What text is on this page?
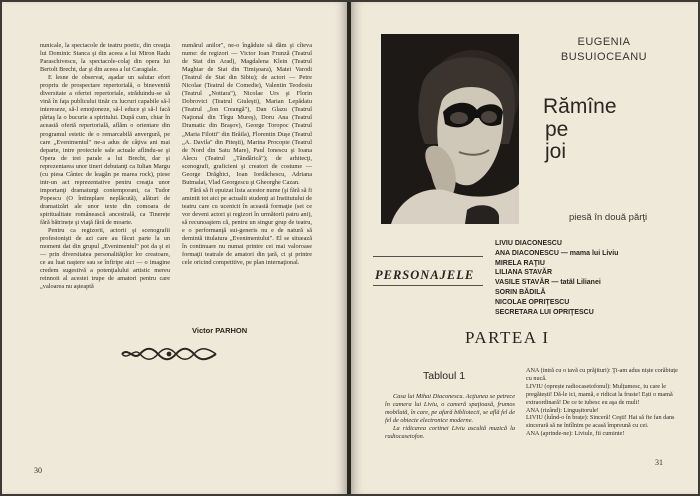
nunicale, la spectacole de teatru poetic, din creaţia lui Dominic Stanca şi din aceea a lui Miron Radu Paraschivescu, la spectacole-colaj din opera lui Bertolt Brecht, dar şi din aceea a lui Caragiale.

E lesne de observat, aşadar un salutar efort propriu de prospectare repertorială, o binevenită diversitate a ofertei repertoriale, străduindu-se să vină în faţa publicului tinăr cu lucruri capabile să-l intereseze, să-l emoţioneze, să-l educe şi să-l facă părtaş la o bucurie a spiritului. După cum, chiar în această ofertă repertorială, aflăm o orientare din programul estetic de o remarcabilă anvergură, pe care „Evenimentul" ne-a adus de câţiva ani mai departe, intre proiectele sale actuale aflindu-se şi Opera de trei parale a lui Brecht, dar şi reprezentarea unor tineri debutanţi ca Iulian Margu (cu piesa Cântec de leagăn pe marea rock), piese intr-un act reprezentative pentru creaţia unor importanţi dramaturgi contemporani, ca Tudor Popescu (O întimplare neplăcută), alături de dramatizări ale unor texte din comoara de spiritualitate românească ancestrală, ca Tinerețe fără bătrinețe şi viaţă fără de moarte.

Pentru ca regizorii, actorii şi scenografii profesionişti de azi care au făcut parte la un moment dat din grupul „Evenimentul" pot da şi ei — prin diversitatea personalităţilor lor creatoare, ce au luat naştere sau se înfiripe aici — o imagine credem sugestivă a potenţialului artistic mereu reinnoit al acestei trupe de amatori pentru care „valoarea nu aşteaptă

numărul anilor", ne-o îngăduie să dăm şi cîteva nume: de regizori — Victor Ioan Frunză (Teatrul de Stat din Arad), Magdalena Klein (Teatrul Maghiar de Stat din Timişoara), Matei Varodi (Teatrul de Stat din Sibiu); de actori — Petre Nicolae (Teatrul de Comedie), Valentin Teodosiu (Teatrul „Nottara"), Nicolae Urs şi Florin Dobrovici (Teatrul Giuleşti), Marian Lepădatu (Teatrul „Ion Creangă"), Dan Glazu (Teatrul Naţional din Tîrgu Mureş), Doru Ana (Teatrul Dramatic din Braşov), George Toropoc (Teatrul „Maria Filotti" din Brăila), Florentin Duşe (Teatrul „A. Davila" din Piteşti), Marina Procopie (Teatrul de Nord din Satu Mare), Paul Ionescu şi Ioana Alecu (Teatrul „Tăndărică"); de arhitecţi, scenografi, graficieni şi creatori de costume — George Drăghici, Ioan Iordăchescu, Adriana Butmalai, Vlad Georgescu şi Gheorghe Cazan.

Fără să fi epuizat lista acestor nume (şi fără să fi amintit tot aici pe actualii studenţi ai Institutului de teatru care cu ucenicit în această formaţie (sei ce vor deveni actori şi regizori în următorii patru ani), să recunoaştem că, pentru un singur grup de teatru, e o performanţă sui-generis nu e de natură să demintă titulatura „Evenimentului". El se situează în continuare nu numai printre cei mai valoroase formaţii teatrale de amatori din ţară, ci şi printre cele oricind competitive, pe plan internaţional.

Victor PARHON
30
EUGENIA
BUSUIOCEANU
Rămîne
pe
joi
piesă în două părţi
PERSONAJELE
LIVIU DIACONESCU
ANA DIACONESCU — mama lui Liviu
MIRELA RAŢIU
LILIANA STAVĂR
VASILE STAVĂR — tatăl Lilianei
SORIN BĂDILĂ
NICOLAE OPRIŢESCU
SECRETARA LUI OPRIŢESCU
PARTEA I
Tabloul 1

Casa lui Mihai Diaconescu. Acţiunea se petrece în camera lui Liviu, o cameră spaţioasă, frumos mobilată, în care, pe afară bibliotecii, se află fel de fel de obiecte electronice moderne.

La ridicarea cortinei Liviu ascultă muzică la radiocasetofon.

ANA (intră cu o tavă cu prăjituri): Ţi-am adus niște corăbiuțe cu nucă.

LIVIU (oprește radiocasetofonul): Mulțumesc, tu care le pregătești! Dă-le ici, mamă, e ridicat la fruste! Ești o mamă extraordinară! De ce te iubesc eu aşa de mult!

ANA (rizând): Lingușitorule!

LIVIU (luînd-o în brațe): Sinceră! Ceşti! Hai să fie fan dans sincerară să ne întîlnim pe acasă împreună cu cei.

ANA (aprinde-ne): Liviule, fii cuminte!

31
